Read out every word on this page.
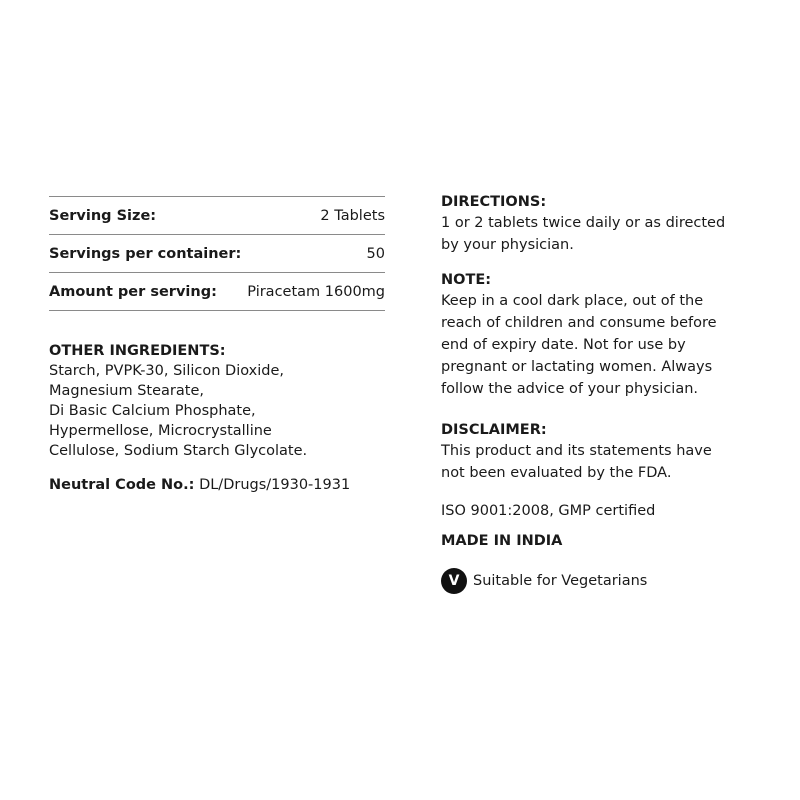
Serving Size:	2 Tablets
Servings per container:	50
Amount per serving: Piracetam 1600mg
OTHER INGREDIENTS:
Starch, PVPK-30, Silicon Dioxide,
Magnesium Stearate,
Di Basic Calcium Phosphate,
Hypermellose, Microcrystalline
Cellulose, Sodium Starch Glycolate.
Neutral Code No.: DL/Drugs/1930-1931
DIRECTIONS:
1 or 2 tablets twice daily or as directed
by your physician.
NOTE:
Keep in a cool dark place, out of the
reach of children and consume before
end of expiry date. Not for use by
pregnant or lactating women. Always
follow the advice of your physician.
DISCLAIMER:
This product and its statements have
not been evaluated by the FDA.
ISO 9001:2008, GMP certified
MADE IN INDIA
V Suitable for Vegetarians
